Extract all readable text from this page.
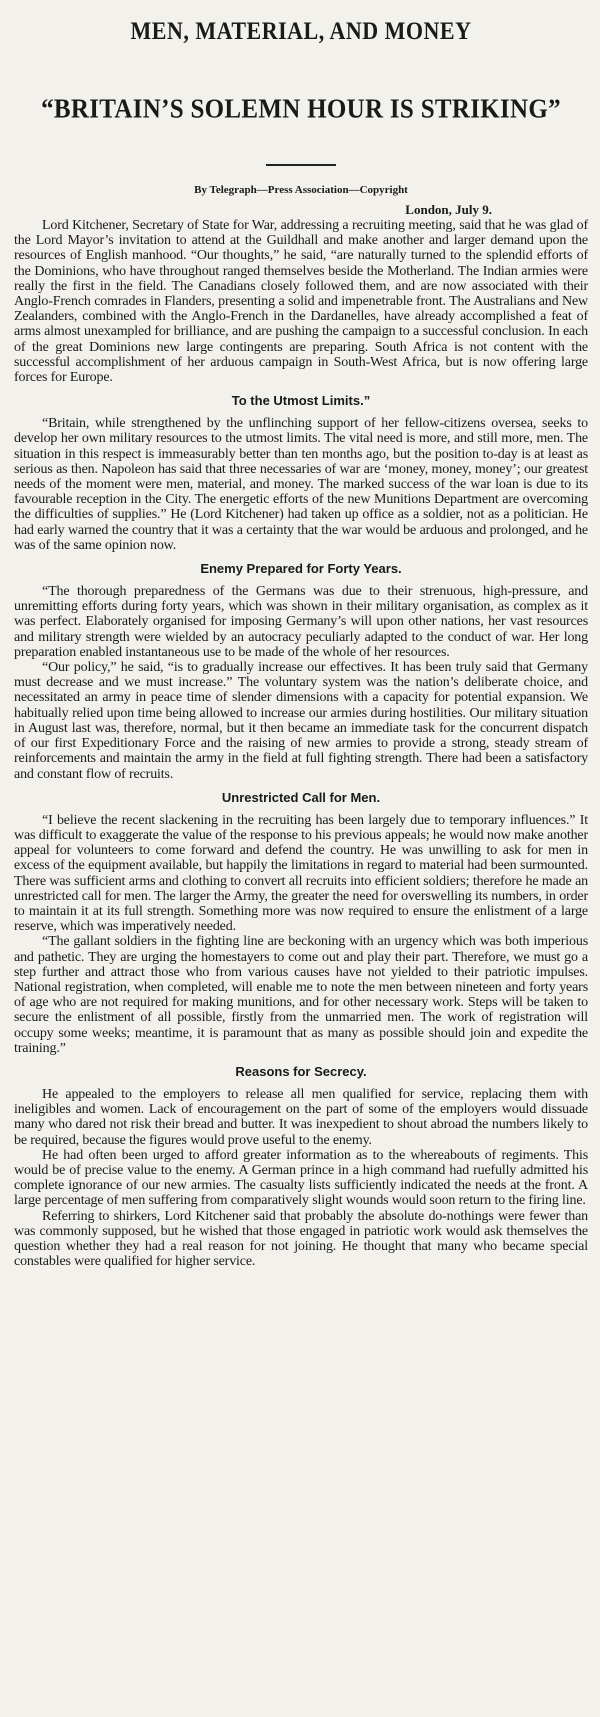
MEN, MATERIAL, AND MONEY
“BRITAIN’S SOLEMN HOUR IS STRIKING”
By Telegraph—Press Association—Copyright
London, July 9.

Lord Kitchener, Secretary of State for War, addressing a recruiting meeting, said that he was glad of the Lord Mayor’s invitation to attend at the Guildhall and make another and larger demand upon the resources of English manhood. “Our thoughts,” he said, “are naturally turned to the splendid efforts of the Dominions, who have throughout ranged themselves beside the Motherland. The Indian armies were really the first in the field. The Canadians closely followed them, and are now associated with their Anglo-French comrades in Flanders, presenting a solid and impenetrable front. The Australians and New Zealanders, combined with the Anglo-French in the Dardanelles, have already accomplished a feat of arms almost unexampled for brilliance, and are pushing the campaign to a successful conclusion. In each of the great Dominions new large contingents are preparing. South Africa is not content with the successful accomplishment of her arduous campaign in South-West Africa, but is now offering large forces for Europe.

To the Utmost Limits.”

“Britain, while strengthened by the unflinching support of her fellow-citizens oversea, seeks to develop her own military resources to the utmost limits. The vital need is more, and still more, men. The situation in this respect is immeasurably better than ten months ago, but the position to-day is at least as serious as then. Napoleon has said that three necessaries of war are ‘money, money, money’; our greatest needs of the moment were men, material, and money. The marked success of the war loan is due to its favourable reception in the City. The energetic efforts of the new Munitions Department are overcoming the difficulties of supplies.” He (Lord Kitchener) had taken up office as a soldier, not as a politician. He had early warned the country that it was a certainty that the war would be arduous and prolonged, and he was of the same opinion now.

Enemy Prepared for Forty Years.

“The thorough preparedness of the Germans was due to their strenuous, high-pressure, and unremitting efforts during forty years, which was shown in their military organisation, as complex as it was perfect. Elaborately organised for imposing Germany’s will upon other nations, her vast resources and military strength were wielded by an autocracy peculiarly adapted to the conduct of war. Her long preparation enabled instantaneous use to be made of the whole of her resources.

“Our policy,” he said, “is to gradually increase our effectives. It has been truly said that Germany must decrease and we must increase.” The voluntary system was the nation’s deliberate choice, and necessitated an army in peace time of slender dimensions with a capacity for potential expansion. We habitually relied upon time being allowed to increase our armies during hostilities. Our military situation in August last was, therefore, normal, but it then became an immediate task for the concurrent dispatch of our first Expeditionary Force and the raising of new armies to provide a strong, steady stream of reinforcements and maintain the army in the field at full fighting strength. There had been a satisfactory and constant flow of recruits.

Unrestricted Call for Men.

“I believe the recent slackening in the recruiting has been largely due to temporary influences.” It was difficult to exaggerate the value of the response to his previous appeals; he would now make another appeal for volunteers to come forward and defend the country. He was unwilling to ask for men in excess of the equipment available, but happily the limitations in regard to material had been surmounted. There was sufficient arms and clothing to convert all recruits into efficient soldiers; therefore he made an unrestricted call for men. The larger the Army, the greater the need for overswelling its numbers, in order to maintain it at its full strength. Something more was now required to ensure the enlistment of a large reserve, which was imperatively needed.

“The gallant soldiers in the fighting line are beckoning with an urgency which was both imperious and pathetic. They are urging the homestayers to come out and play their part. Therefore, we must go a step further and attract those who from various causes have not yielded to their patriotic impulses. National registration, when completed, will enable me to note the men between nineteen and forty years of age who are not required for making munitions, and for other necessary work. Steps will be taken to secure the enlistment of all possible, firstly from the unmarried men. The work of registration will occupy some weeks; meantime, it is paramount that as many as possible should join and expedite the training.”

Reasons for Secrecy.

He appealed to the employers to release all men qualified for service, replacing them with ineligibles and women. Lack of encouragement on the part of some of the employers would dissuade many who dared not risk their bread and butter. It was inexpedient to shout abroad the numbers likely to be required, because the figures would prove useful to the enemy.

He had often been urged to afford greater information as to the whereabouts of regiments. This would be of precise value to the enemy. A German prince in a high command had ruefully admitted his complete ignorance of our new armies. The casualty lists sufficiently indicated the needs at the front. A large percentage of men suffering from comparatively slight wounds would soon return to the firing line.

Referring to shirkers, Lord Kitchener said that probably the absolute do-nothings were fewer than was commonly supposed, but he wished that those engaged in patriotic work would ask themselves the question whether they had a real reason for not joining. He thought that many who became special constables were qualified for higher service.
